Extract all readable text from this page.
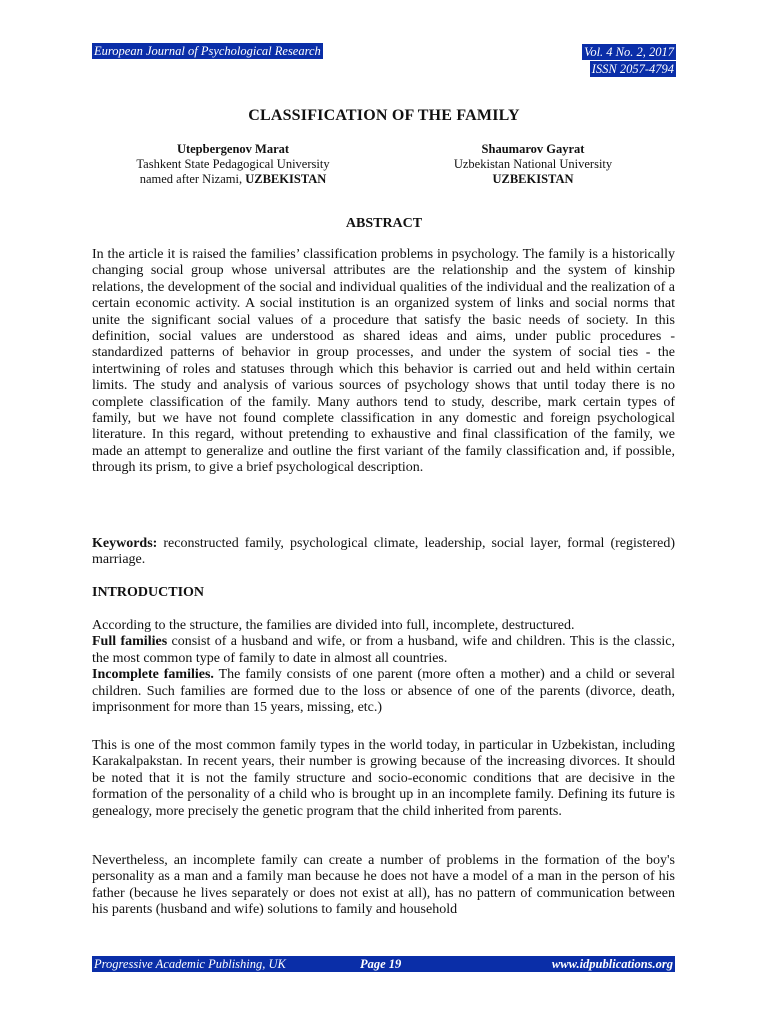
European Journal of Psychological Research	Vol. 4 No. 2, 2017
ISSN 2057-4794
CLASSIFICATION OF THE FAMILY
Utepbergenov Marat
Tashkent State Pedagogical University
named after Nizami, UZBEKISTAN
Shaumarov Gayrat
Uzbekistan National University
UZBEKISTAN
ABSTRACT
In the article it is raised the families’ classification problems in psychology. The family is a historically changing social group whose universal attributes are the relationship and the system of kinship relations, the development of the social and individual qualities of the individual and the realization of a certain economic activity. A social institution is an organized system of links and social norms that unite the significant social values of a procedure that satisfy the basic needs of society. In this definition, social values are understood as shared ideas and aims, under public procedures - standardized patterns of behavior in group processes, and under the system of social ties - the intertwining of roles and statuses through which this behavior is carried out and held within certain limits. The study and analysis of various sources of psychology shows that until today there is no complete classification of the family. Many authors tend to study, describe, mark certain types of family, but we have not found complete classification in any domestic and foreign psychological literature. In this regard, without pretending to exhaustive and final classification of the family, we made an attempt to generalize and outline the first variant of the family classification and, if possible, through its prism, to give a brief psychological description.
Keywords: reconstructed family, psychological climate, leadership, social layer, formal (registered) marriage.
INTRODUCTION
According to the structure, the families are divided into full, incomplete, destructured.
Full families consist of a husband and wife, or from a husband, wife and children. This is the classic, the most common type of family to date in almost all countries.
Incomplete families. The family consists of one parent (more often a mother) and a child or several children. Such families are formed due to the loss or absence of one of the parents (divorce, death, imprisonment for more than 15 years, missing, etc.)
This is one of the most common family types in the world today, in particular in Uzbekistan, including Karakalpakstan. In recent years, their number is growing because of the increasing divorces. It should be noted that it is not the family structure and socio-economic conditions that are decisive in the formation of the personality of a child who is brought up in an incomplete family. Defining its future is genealogy, more precisely the genetic program that the child inherited from parents.
Nevertheless, an incomplete family can create a number of problems in the formation of the boy's personality as a man and a family man because he does not have a model of a man in the person of his father (because he lives separately or does not exist at all), has no pattern of communication between his parents (husband and wife) solutions to family and household
Progressive Academic Publishing, UK	Page 19	www.idpublications.org
